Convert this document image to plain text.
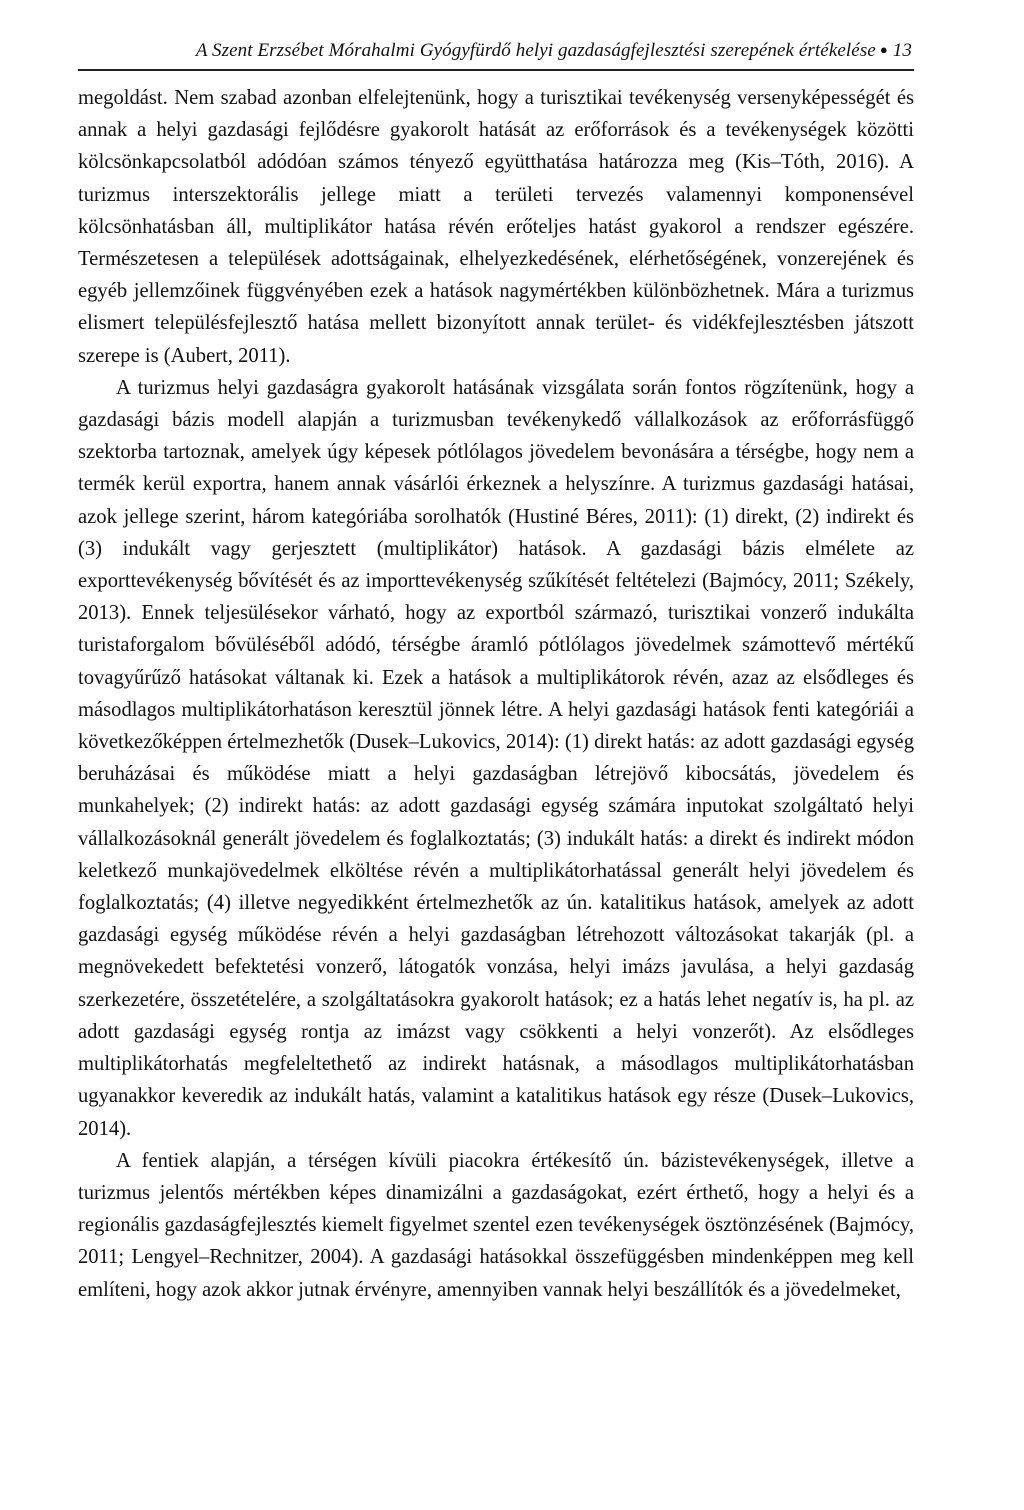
A Szent Erzsébet Mórahalmi Gyógyfürdő helyi gazdaságfejlesztési szerepének értékelése ● 13

megoldást. Nem szabad azonban elfelejtenünk, hogy a turisztikai tevékenység versenyképességét és annak a helyi gazdasági fejlődésre gyakorolt hatását az erőforrások és a tevékenységek közötti kölcsönkapcsolatból adódóan számos tényező együtthatása határozza meg (Kis–Tóth, 2016). A turizmus interszektorális jellege miatt a területi tervezés valamennyi komponensével kölcsönhatásban áll, multiplikátor hatása révén erőteljes hatást gyakorol a rendszer egészére. Természetesen a települések adottságainak, elhelyezkedésének, elérhetőségének, vonzerejének és egyéb jellemzőinek függvényében ezek a hatások nagymértékben különbözhetnek. Mára a turizmus elismert településfejlesztő hatása mellett bizonyított annak terület- és vidékfejlesztésben játszott szerepe is (Aubert, 2011).

A turizmus helyi gazdaságra gyakorolt hatásának vizsgálata során fontos rögzítenünk, hogy a gazdasági bázis modell alapján a turizmusban tevékenykedő vállalkozások az erőforrásfüggő szektorba tartoznak, amelyek úgy képesek pótlólagos jövedelem bevonására a térségbe, hogy nem a termék kerül exportra, hanem annak vásárlói érkeznek a helyszínre. A turizmus gazdasági hatásai, azok jellege szerint, három kategóriába sorolhatók (Hustiné Béres, 2011): (1) direkt, (2) indirekt és (3) indukált vagy gerjesztett (multiplikátor) hatások. A gazdasági bázis elmélete az exporttevékenység bővítését és az importtevékenység szűkítését feltételezi (Bajmócy, 2011; Székely, 2013). Ennek teljesülésekor várható, hogy az exportból származó, turisztikai vonzerő indukálta turistaforgalom bővüléséből adódó, térségbe áramló pótlólagos jövedelmek számottevő mértékű tovagyűrűző hatásokat váltanak ki. Ezek a hatások a multiplikátorok révén, azaz az elsődleges és másodlagos multiplikátorhatáson keresztül jönnek létre. A helyi gazdasági hatások fenti kategóriái a következőképpen értelmezhetők (Dusek–Lukovics, 2014): (1) direkt hatás: az adott gazdasági egység beruházásai és működése miatt a helyi gazdaságban létrejövő kibocsátás, jövedelem és munkahelyek; (2) indirekt hatás: az adott gazdasági egység számára inputokat szolgáltató helyi vállalkozásoknál generált jövedelem és foglalkoztatás; (3) indukált hatás: a direkt és indirekt módon keletkező munkajövedelmek elköltése révén a multiplikátorhatással generált helyi jövedelem és foglalkoztatás; (4) illetve negyedikként értelmezhetők az ún. katalitikus hatások, amelyek az adott gazdasági egység működése révén a helyi gazdaságban létrehozott változásokat takarják (pl. a megnövekedett befektetési vonzerő, látogatók vonzása, helyi imázs javulása, a helyi gazdaság szerkezetére, összetételére, a szolgáltatásokra gyakorolt hatások; ez a hatás lehet negatív is, ha pl. az adott gazdasági egység rontja az imázst vagy csökkenti a helyi vonzerőt). Az elsődleges multiplikátorhatás megfeleltethető az indirekt hatásnak, a másodlagos multiplikátorhatásban ugyanakkor keveredik az indukált hatás, valamint a katalitikus hatások egy része (Dusek–Lukovics, 2014).

A fentiek alapján, a térségen kívüli piacokra értékesítő ún. bázistevékenységek, illetve a turizmus jelentős mértékben képes dinamizálni a gazdaságokat, ezért érthető, hogy a helyi és a regionális gazdaságfejlesztés kiemelt figyelmet szentel ezen tevékenységek ösztönzésének (Bajmócy, 2011; Lengyel–Rechnitzer, 2004). A gazdasági hatásokkal összefüggésben mindenképpen meg kell említeni, hogy azok akkor jutnak érvényre, amennyiben vannak helyi beszállítók és a jövedelmeket,
